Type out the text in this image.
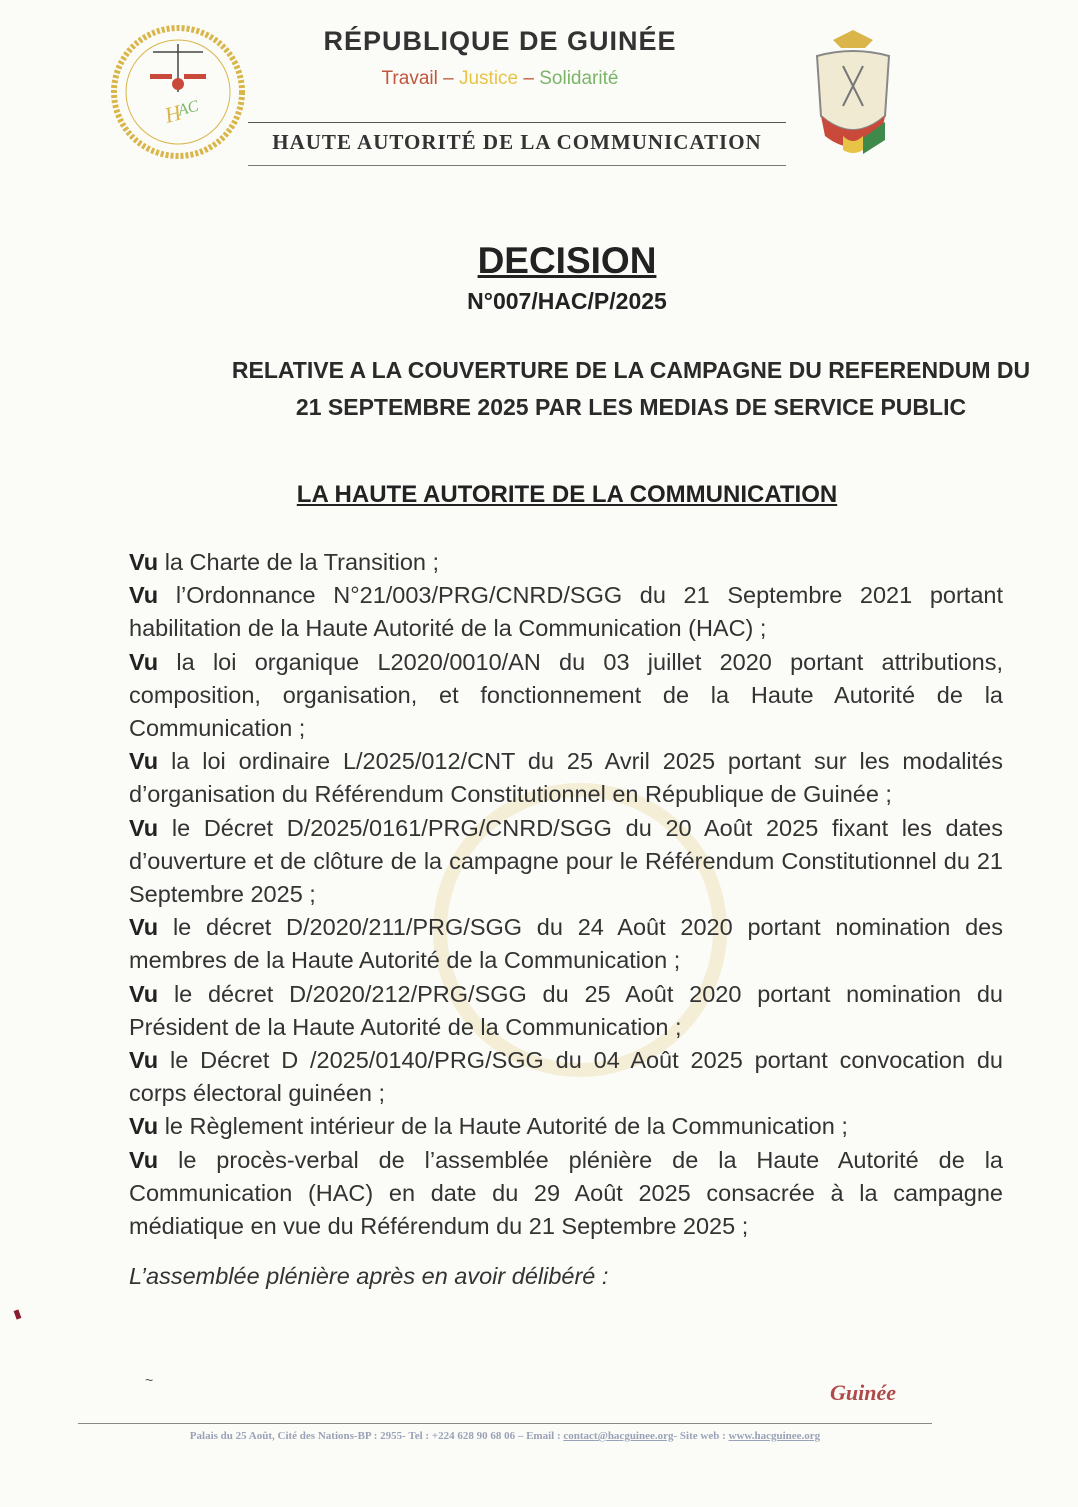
H
AC
RÉPUBLIQUE DE GUINÉE
Travail – Justice – Solidarité
HAUTE AUTORITÉ DE LA COMMUNICATION
DECISION
N°007/HAC/P/2025
RELATIVE A LA COUVERTURE DE LA CAMPAGNE DU REFERENDUM DU
21 SEPTEMBRE 2025 PAR LES MEDIAS DE SERVICE PUBLIC
LA HAUTE AUTORITE DE LA COMMUNICATION

Vu la Charte de la Transition ;

Vu l’Ordonnance N°21/003/PRG/CNRD/SGG du 21 Septembre 2021 portant habilitation de la Haute Autorité de la Communication (HAC) ;

Vu la loi organique L2020/0010/AN du 03 juillet 2020 portant attributions, composition, organisation, et fonctionnement de la Haute Autorité de la Communication ;

Vu la loi ordinaire L/2025/012/CNT du 25 Avril 2025 portant sur les modalités d’organisation du Référendum Constitutionnel en République de Guinée ;

Vu le Décret D/2025/0161/PRG/CNRD/SGG du 20 Août 2025 fixant les dates d’ouverture et de clôture de la campagne pour le Référendum Constitutionnel du 21 Septembre 2025 ;

Vu le décret D/2020/211/PRG/SGG du 24 Août 2020 portant nomination des membres de la Haute Autorité de la Communication ;

Vu le décret D/2020/212/PRG/SGG du 25 Août 2020 portant nomination du Président de la Haute Autorité de la Communication ;

Vu le Décret D /2025/0140/PRG/SGG du 04 Août 2025 portant convocation du corps électoral guinéen ;

Vu le Règlement intérieur de la Haute Autorité de la Communication ;

Vu le procès-verbal de l’assemblée plénière de la Haute Autorité de la Communication (HAC) en date du 29 Août 2025 consacrée à la campagne médiatique en vue du Référendum du 21 Septembre 2025 ;

L’assemblée plénière après en avoir délibéré :
~	Guinée
Palais du 25 Août, Cité des Nations-BP : 2955- Tel : +224 628 90 68 06 – Email : contact@hacguinee.org- Site web : www.hacguinee.org
